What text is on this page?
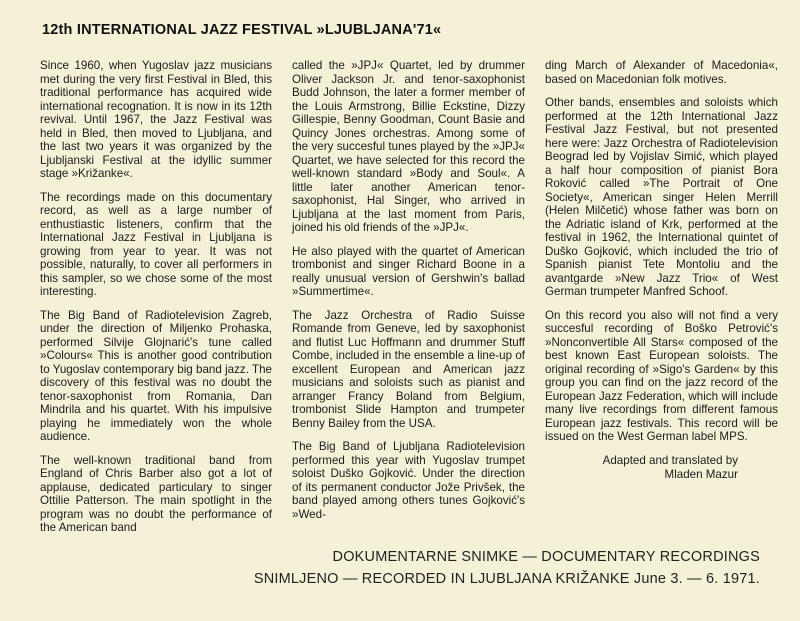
12th INTERNATIONAL JAZZ FESTIVAL »LJUBLJANA'71«

Since 1960, when Yugoslav jazz musicians met during the very first Festival in Bled, this traditional performance has acquired wide international recognation. It is now in its 12th revival. Until 1967, the Jazz Festival was held in Bled, then moved to Ljubljana, and the last two years it was organized by the Ljubljanski Festival at the idyllic summer stage »Križanke«.

The recordings made on this documentary record, as well as a large number of enthustiastic listeners, confirm that the International Jazz Festival in Ljubljana is growing from year to year. It was not possible, naturally, to cover all performers in this sampler, so we chose some of the most interesting.

The Big Band of Radiotelevision Zagreb, under the direction of Miljenko Prohaska, performed Silvije Glojnarić's tune called »Colours« This is another good contribution to Yugoslav contemporary big band jazz. The discovery of this festival was no doubt the tenor-saxophonist from Romania, Dan Mindrila and his quartet. With his impulsive playing he immediately won the whole audience.

The well-known traditional band from England of Chris Barber also got a lot of applause, dedicated particulary to singer Ottilie Patterson. The main spotlight in the program was no doubt the performance of the American band

called the »JPJ« Quartet, led by drummer Oliver Jackson Jr. and tenor-saxophonist Budd Johnson, the later a former member of the Louis Armstrong, Billie Eckstine, Dizzy Gillespie, Benny Goodman, Count Basie and Quincy Jones orchestras. Among some of the very succesful tunes played by the »JPJ« Quartet, we have selected for this record the well-known standard »Body and Soul«. A little later another American tenor-saxophonist, Hal Singer, who arrived in Ljubljana at the last moment from Paris, joined his old friends of the »JPJ«.

He also played with the quartet of American trombonist and singer Richard Boone in a really unusual version of Gershwin's ballad »Summertime«.

The Jazz Orchestra of Radio Suisse Romande from Geneve, led by saxophonist and flutist Luc Hoffmann and drummer Stuff Combe, included in the ensemble a line-up of excellent European and American jazz musicians and soloists such as pianist and arranger Francy Boland from Belgium, trombonist Slide Hampton and trumpeter Benny Bailey from the USA.

The Big Band of Ljubljana Radiotelevision performed this year with Yugoslav trumpet soloist Duško Gojković. Under the direction of its permanent conductor Jože Privšek, the band played among others tunes Gojković's »Wed-

ding March of Alexander of Macedonia«, based on Macedonian folk motives.

Other bands, ensembles and soloists which performed at the 12th International Jazz Festival Jazz Festival, but not presented here were: Jazz Orchestra of Radiotelevision Beograd led by Vojislav Simić, which played a half hour composition of pianist Bora Roković called »The Portrait of One Society«, American singer Helen Merrill (Helen Milčetić) whose father was born on the Adriatic island of Krk, performed at the festival in 1962, the International quintet of Duško Gojković, which included the trio of Spanish pianist Tete Montoliu and the avantgarde »New Jazz Trio« of West German trumpeter Manfred Schoof.

On this record you also will not find a very succesful recording of Boško Petrović's »Nonconvertible All Stars« composed of the best known East European soloists. The original recording of »Sigo's Garden« by this group you can find on the jazz record of the European Jazz Federation, which will include many live recordings from different famous European jazz festivals. This record will be issued on the West German label MPS.

Adapted and translated by
Mladen Mazur
DOKUMENTARNE SNIMKE — DOCUMENTARY RECORDINGS
SNIMLJENO — RECORDED IN LJUBLJANA KRIŽANKE June 3. — 6. 1971.
